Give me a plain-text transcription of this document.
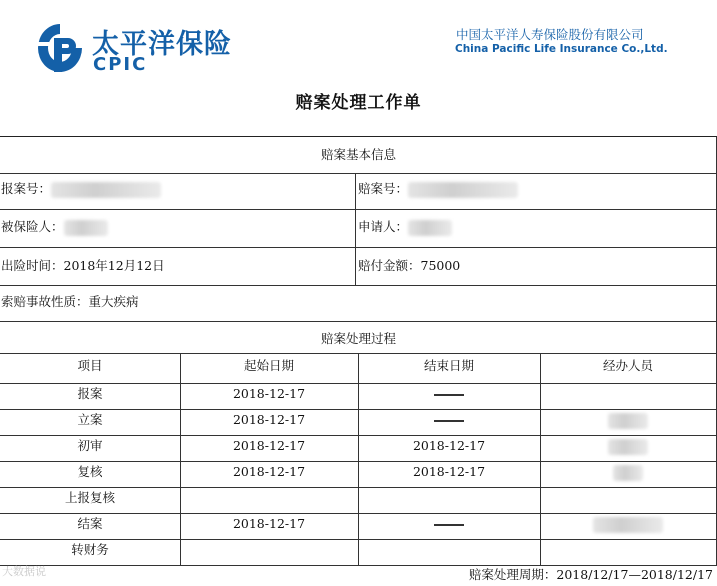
太平洋保险
CPIC
中国太平洋人寿保险股份有限公司
China Pacific Life Insurance Co.,Ltd.
赔案处理工作单
赔案基本信息
报案号：	赔案号：
被保险人：	申请人：
出险时间：2018年12月12日	赔付金额：75000
索赔事故性质：重大疾病
赔案处理过程
项目	起始日期	结束日期	经办人员
报案	2018-12-17
立案	2018-12-17
初审	2018-12-17	2018-12-17
复核	2018-12-17	2018-12-17
上报复核
结案	2018-12-17
转财务
赔案处理周期：2018/12/17—2018/12/17
大数据说
